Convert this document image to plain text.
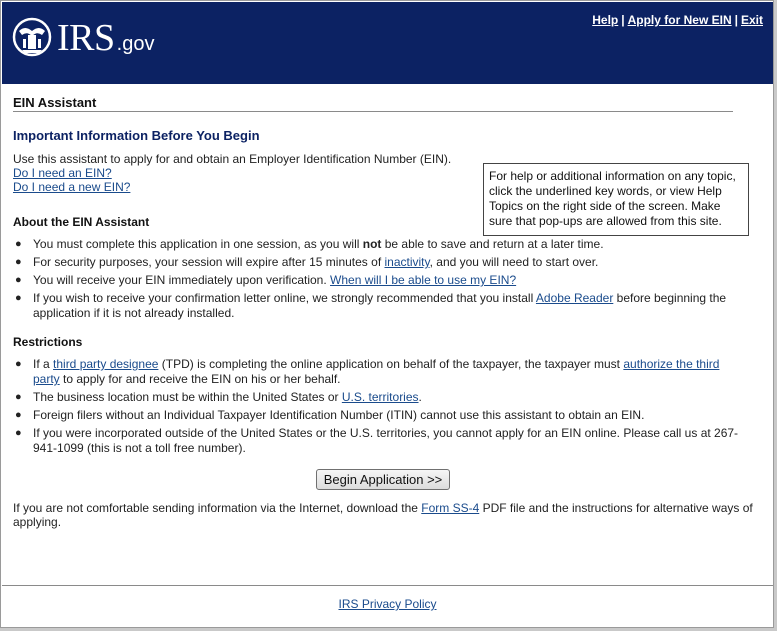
IRS .gov
Help | Apply for New EIN | Exit
EIN Assistant
Important Information Before You Begin
Use this assistant to apply for and obtain an Employer Identification Number (EIN).
Do I need an EIN?
Do I need a new EIN?
For help or additional information on any topic, click the underlined key words, or view Help Topics on the right side of the screen. Make sure that pop-ups are allowed from this site.
About the EIN Assistant
● You must complete this application in one session, as you will not be able to save and return at a later time.
● For security purposes, your session will expire after 15 minutes of inactivity, and you will need to start over.
● You will receive your EIN immediately upon verification. When will I be able to use my EIN?
● If you wish to receive your confirmation letter online, we strongly recommended that you install Adobe Reader before beginning the application if it is not already installed.
Restrictions
● If a third party designee (TPD) is completing the online application on behalf of the taxpayer, the taxpayer must authorize the third party to apply for and receive the EIN on his or her behalf.
● The business location must be within the United States or U.S. territories.
● Foreign filers without an Individual Taxpayer Identification Number (ITIN) cannot use this assistant to obtain an EIN.
● If you were incorporated outside of the United States or the U.S. territories, you cannot apply for an EIN online. Please call us at 267-941-1099 (this is not a toll free number).
Begin Application >>
If you are not comfortable sending information via the Internet, download the Form SS-4 PDF file and the instructions for alternative ways of applying.
IRS Privacy Policy
